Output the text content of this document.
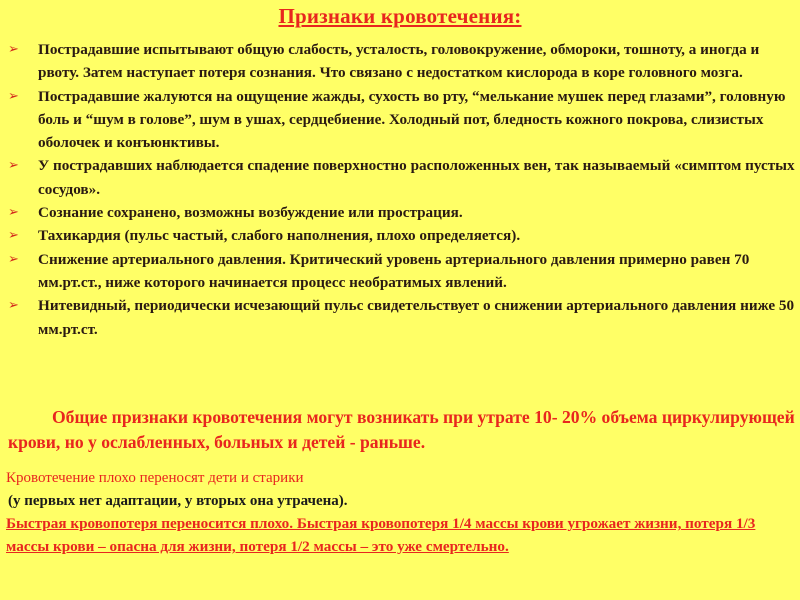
Признаки кровотечения:
➢ Пострадавшие испытывают общую слабость, усталость, головокружение, обмороки, тошноту, а иногда и рвоту. Затем наступает потеря сознания. Что связано с недостатком кислорода в коре головного мозга.
➢ Пострадавшие жалуются на ощущение жажды, сухость во рту, “мелькание мушек перед глазами”, головную боль и “шум в голове”, шум в ушах, сердцебиение. Холодный пот, бледность кожного покрова, слизистых оболочек и конъюнктивы.
➢ У пострадавших наблюдается спадение поверхностно расположенных вен, так называемый «симптом пустых сосудов».
➢ Сознание сохранено, возможны возбуждение или прострация.
➢ Тахикардия (пульс частый, слабого наполнения, плохо определяется).
➢ Снижение артериального давления. Критический уровень артериального давления примерно равен 70 мм.рт.ст., ниже которого начинается процесс необратимых явлений.
➢ Нитевидный, периодически исчезающий пульс свидетельствует о снижении артериального давления ниже 50 мм.рт.ст.
Общие признаки кровотечения могут возникать при утрате 10- 20% объема циркулирующей крови, но у ослабленных, больных и детей - раньше.
Кровотечение плохо переносят дети и старики
(у первых нет адаптации, у вторых она утрачена).
Быстрая кровопотеря переносится плохо. Быстрая кровопотеря 1/4 массы крови угрожает жизни, потеря 1/3 массы крови – опасна для жизни, потеря 1/2 массы – это уже смертельно.
